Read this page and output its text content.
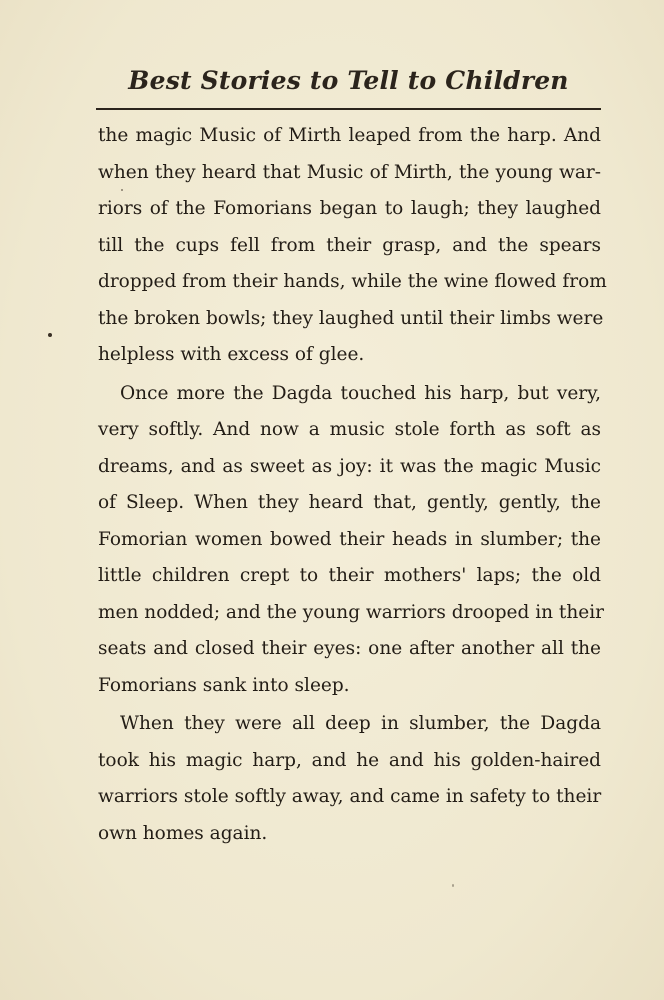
Best Stories to Tell to Children
the magic Music of Mirth leaped from the harp. And
when they heard that Music of Mirth, the young war-
riors of the Fomorians began to laugh; they laughed
till the cups fell from their grasp, and the spears
dropped from their hands, while the wine flowed from
the broken bowls; they laughed until their limbs were
helpless with excess of glee.
Once more the Dagda touched his harp, but very,
very softly. And now a music stole forth as soft as
dreams, and as sweet as joy: it was the magic Music
of Sleep. When they heard that, gently, gently, the
Fomorian women bowed their heads in slumber; the
little children crept to their mothers' laps; the old
men nodded; and the young warriors drooped in their
seats and closed their eyes: one after another all the
Fomorians sank into sleep.
When they were all deep in slumber, the Dagda
took his magic harp, and he and his golden-haired
warriors stole softly away, and came in safety to their
own homes again.
